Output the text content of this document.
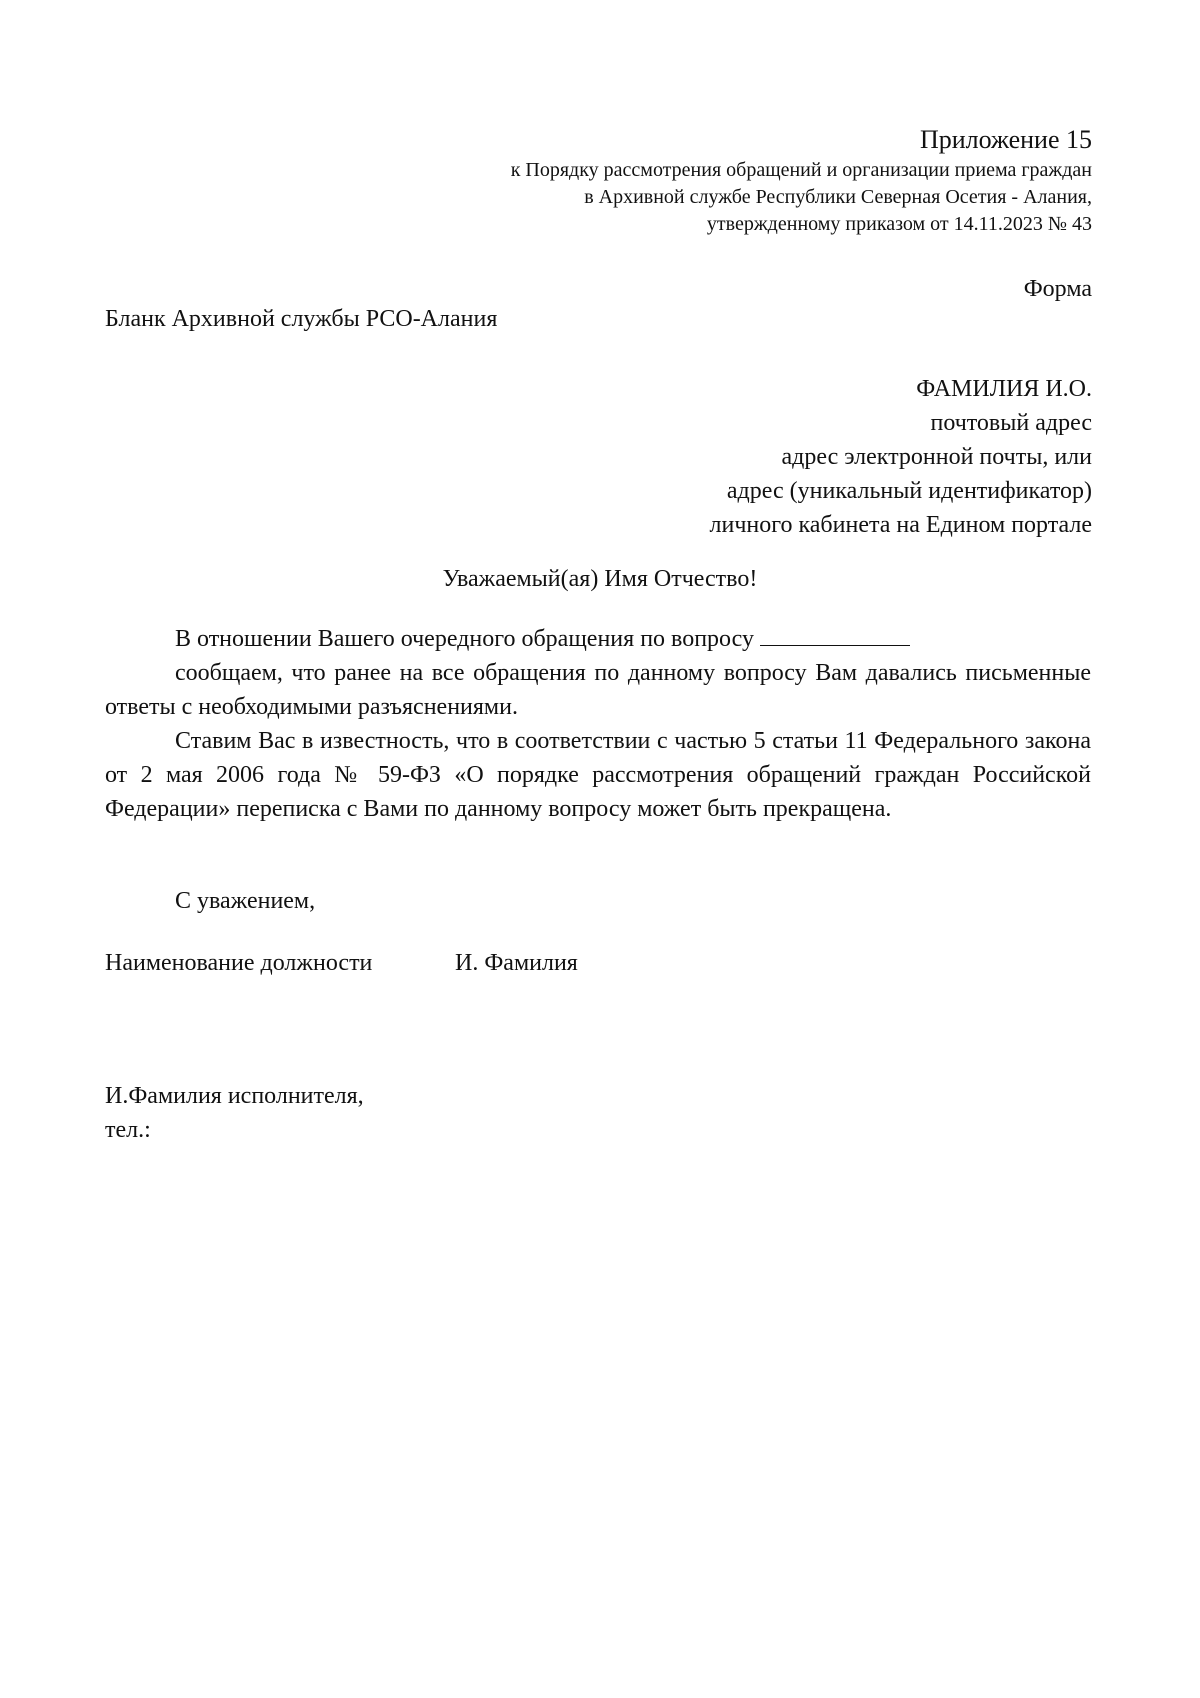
Приложение 15
к Порядку рассмотрения обращений и организации приема граждан
в Архивной службе Республики Северная Осетия - Алания,
утвержденному приказом от 14.11.2023 № 43
Форма
Бланк Архивной службы РСО-Алания
ФАМИЛИЯ И.О.
почтовый адрес
адрес электронной почты, или
адрес (уникальный идентификатор)
личного кабинета на Едином портале
Уважаемый(ая) Имя Отчество!

В отношении Вашего очередного обращения по вопросу

сообщаем, что ранее на все обращения по данному вопросу Вам давались письменные ответы с необходимыми разъяснениями.

Ставим Вас в известность, что в соответствии с частью 5 статьи 11 Федерального закона от 2 мая 2006 года № 59-ФЗ «О порядке рассмотрения обращений граждан Российской Федерации» переписка с Вами по данному вопросу может быть прекращена.

С уважением,
Наименование должности	И. Фамилия
И.Фамилия исполнителя,
тел.:
